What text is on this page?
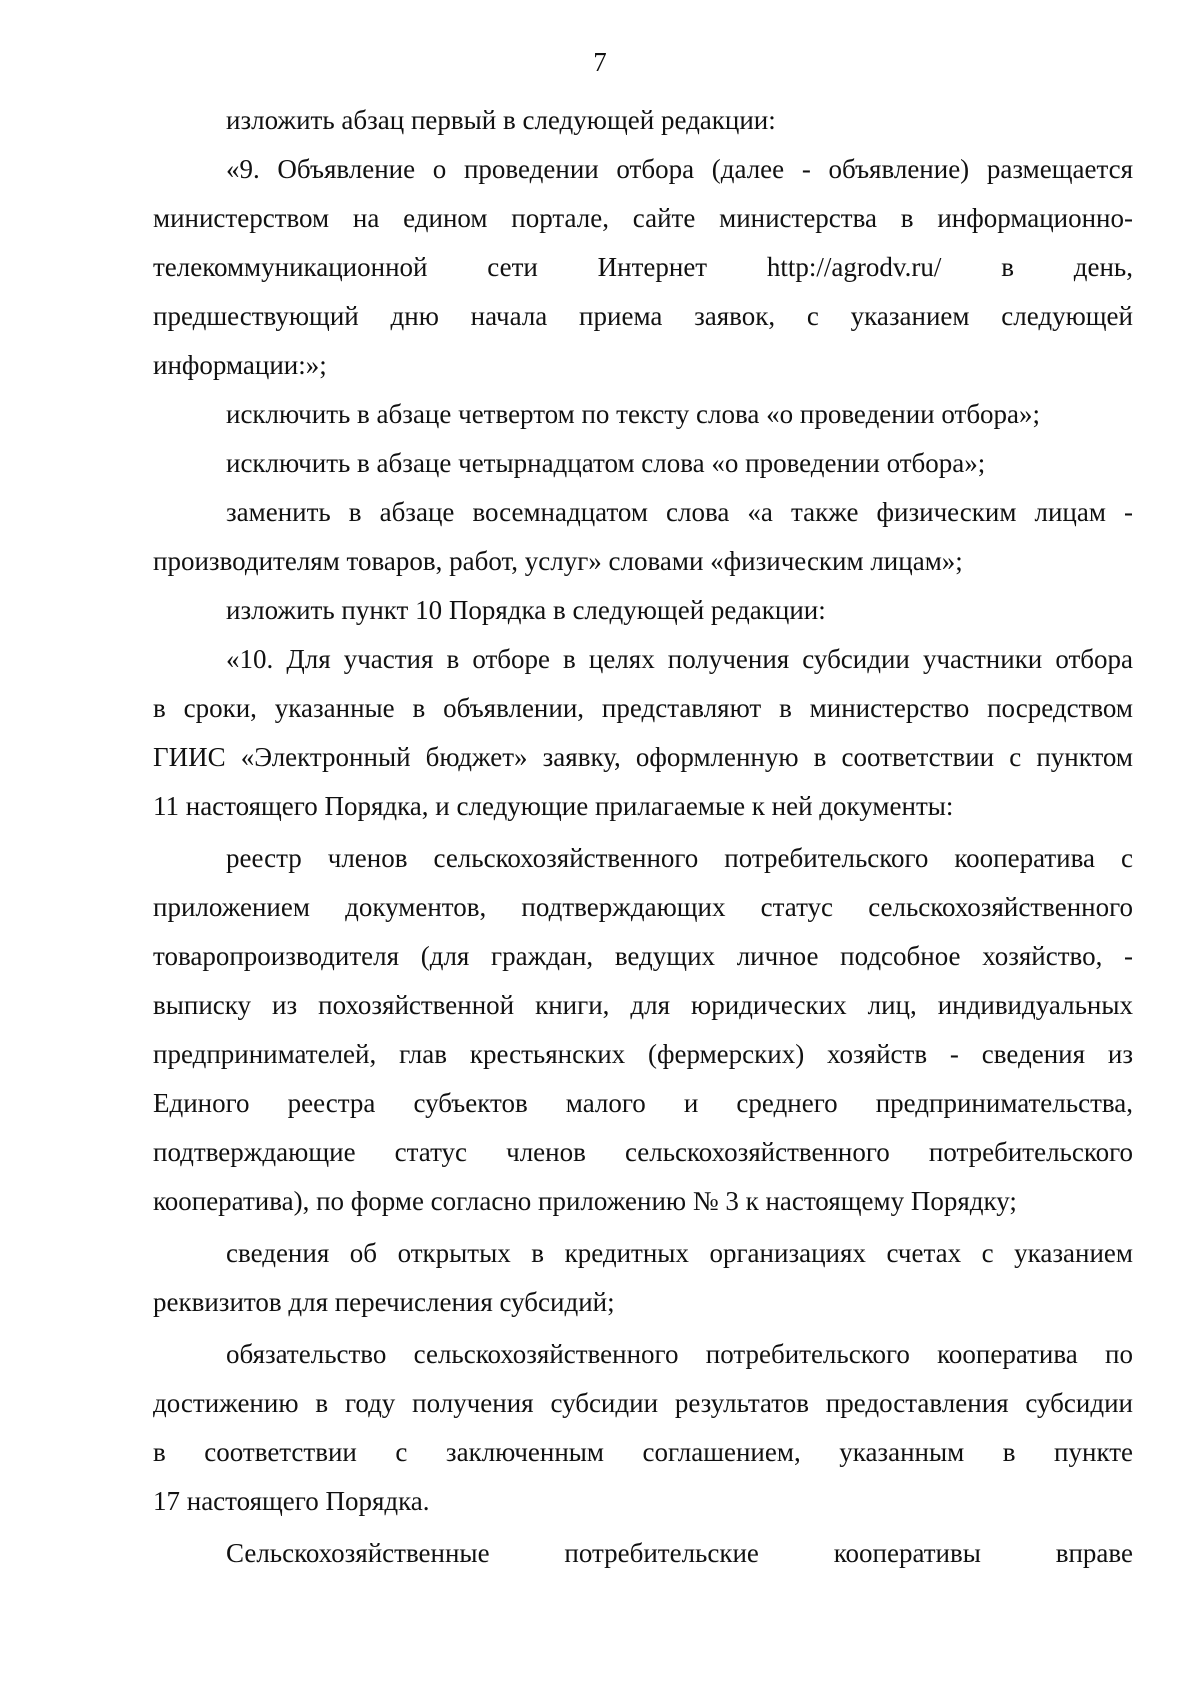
7
изложить абзац первый в следующей редакции:
«9. Объявление о проведении отбора (далее - объявление) размещается
министерством на едином портале, сайте министерства в информационно-
телекоммуникационной сети Интернет http://agrodv.ru/ в день,
предшествующий дню начала приема заявок, с указанием следующей
информации:»;
исключить в абзаце четвертом по тексту слова «о проведении отбора»;
исключить в абзаце четырнадцатом слова «о проведении отбора»;
заменить в абзаце восемнадцатом слова «а также физическим лицам -
производителям товаров, работ, услуг» словами «физическим лицам»;
изложить пункт 10 Порядка в следующей редакции:
«10. Для участия в отборе в целях получения субсидии участники отбора
в сроки, указанные в объявлении, представляют в министерство посредством
ГИИС «Электронный бюджет» заявку, оформленную в соответствии с пунктом
11 настоящего Порядка, и следующие прилагаемые к ней документы:
реестр членов сельскохозяйственного потребительского кооператива с
приложением документов, подтверждающих статус сельскохозяйственного
товаропроизводителя (для граждан, ведущих личное подсобное хозяйство, -
выписку из похозяйственной книги, для юридических лиц, индивидуальных
предпринимателей, глав крестьянских (фермерских) хозяйств - сведения из
Единого реестра субъектов малого и среднего предпринимательства,
подтверждающие статус членов сельскохозяйственного потребительского
кооператива), по форме согласно приложению № 3 к настоящему Порядку;
сведения об открытых в кредитных организациях счетах с указанием
реквизитов для перечисления субсидий;
обязательство сельскохозяйственного потребительского кооператива по
достижению в году получения субсидии результатов предоставления субсидии
в соответствии с заключенным соглашением, указанным в пункте
17 настоящего Порядка.
Сельскохозяйственные потребительские кооперативы вправе
